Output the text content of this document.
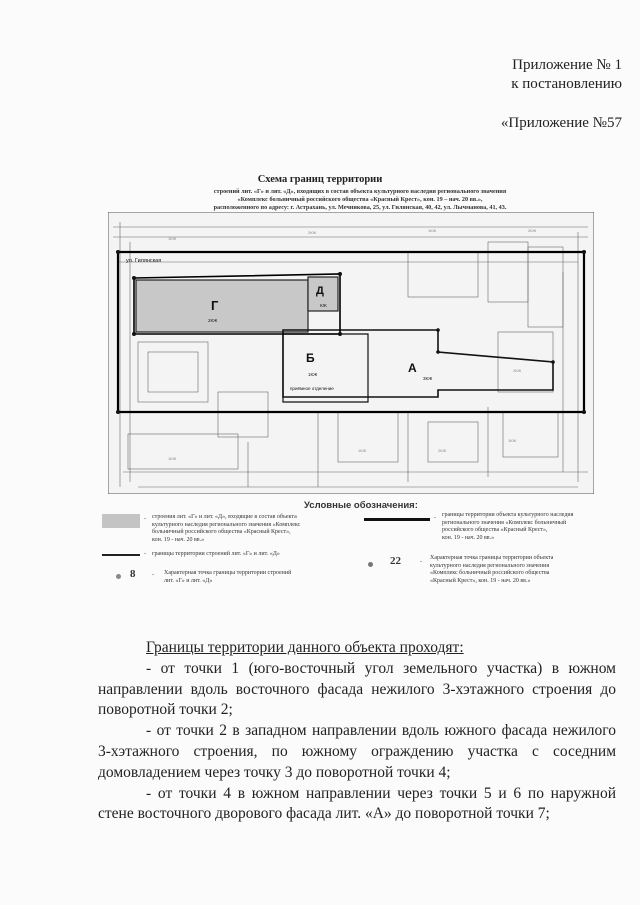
Приложение № 1
к постановлению
«Приложение №57
Схема границ территории
строений лит. «Г» и лит. «Д», входящих в состав объекта культурного наследия регионального значения
«Комплекс больничный российского общества «Красный Крест», кон. 19 – нач. 20 вв.»,
расположенного по адресу: г. Астрахань, ул. Мечникова, 25, ул. Гилянская, 40, 42, ул. Лычманова, 41, 43.
1КЖ
2КЖ	1КЖ	2КЖ
1КЖ
1КЖ	2КЖ
1КЖ
2КЖ
ул. Гилянская
Г
Д
Б
А
приёмное отделение
2КЖ
3КЖ
1КЖ
КЖ
Условные обозначения:
- строения лит. «Г» и лит. «Д», входящие в состав объекта
культурного наследия регионального значения «Комплекс
больничный российского общества «Красный Крест»,
кон. 19 - нач. 20 вв.»
- границы территории строений лит. «Г» и лит. «Д»
8	- Характерная точка границы территории строений
лит. «Г» и лит. «Д»
- границы территории объекта культурного наследия
регионального значения «Комплекс больничный
российского общества «Красный Крест»,
кон. 19 - нач. 20 вв.»
22	-
Характерная точка границы территории объекта
культурного наследия регионального значения
«Комплекс больничный российского общества
«Красный Крест», кон. 19 - нач. 20 вв.»

Границы территории данного объекта проходят:

- от точки 1 (юго-восточный угол земельного участка) в южном направлении вдоль восточного фасада нежилого 3-хэтажного строения до поворотной точки 2;

- от точки 2 в западном направлении вдоль южного фасада нежилого 3-хэтажного строения, по южному ограждению участка с соседним домовладением через точку 3 до поворотной точки 4;

- от точки 4 в южном направлении через точки 5 и 6 по наружной стене восточного дворового фасада лит. «А» до поворотной точки 7;
